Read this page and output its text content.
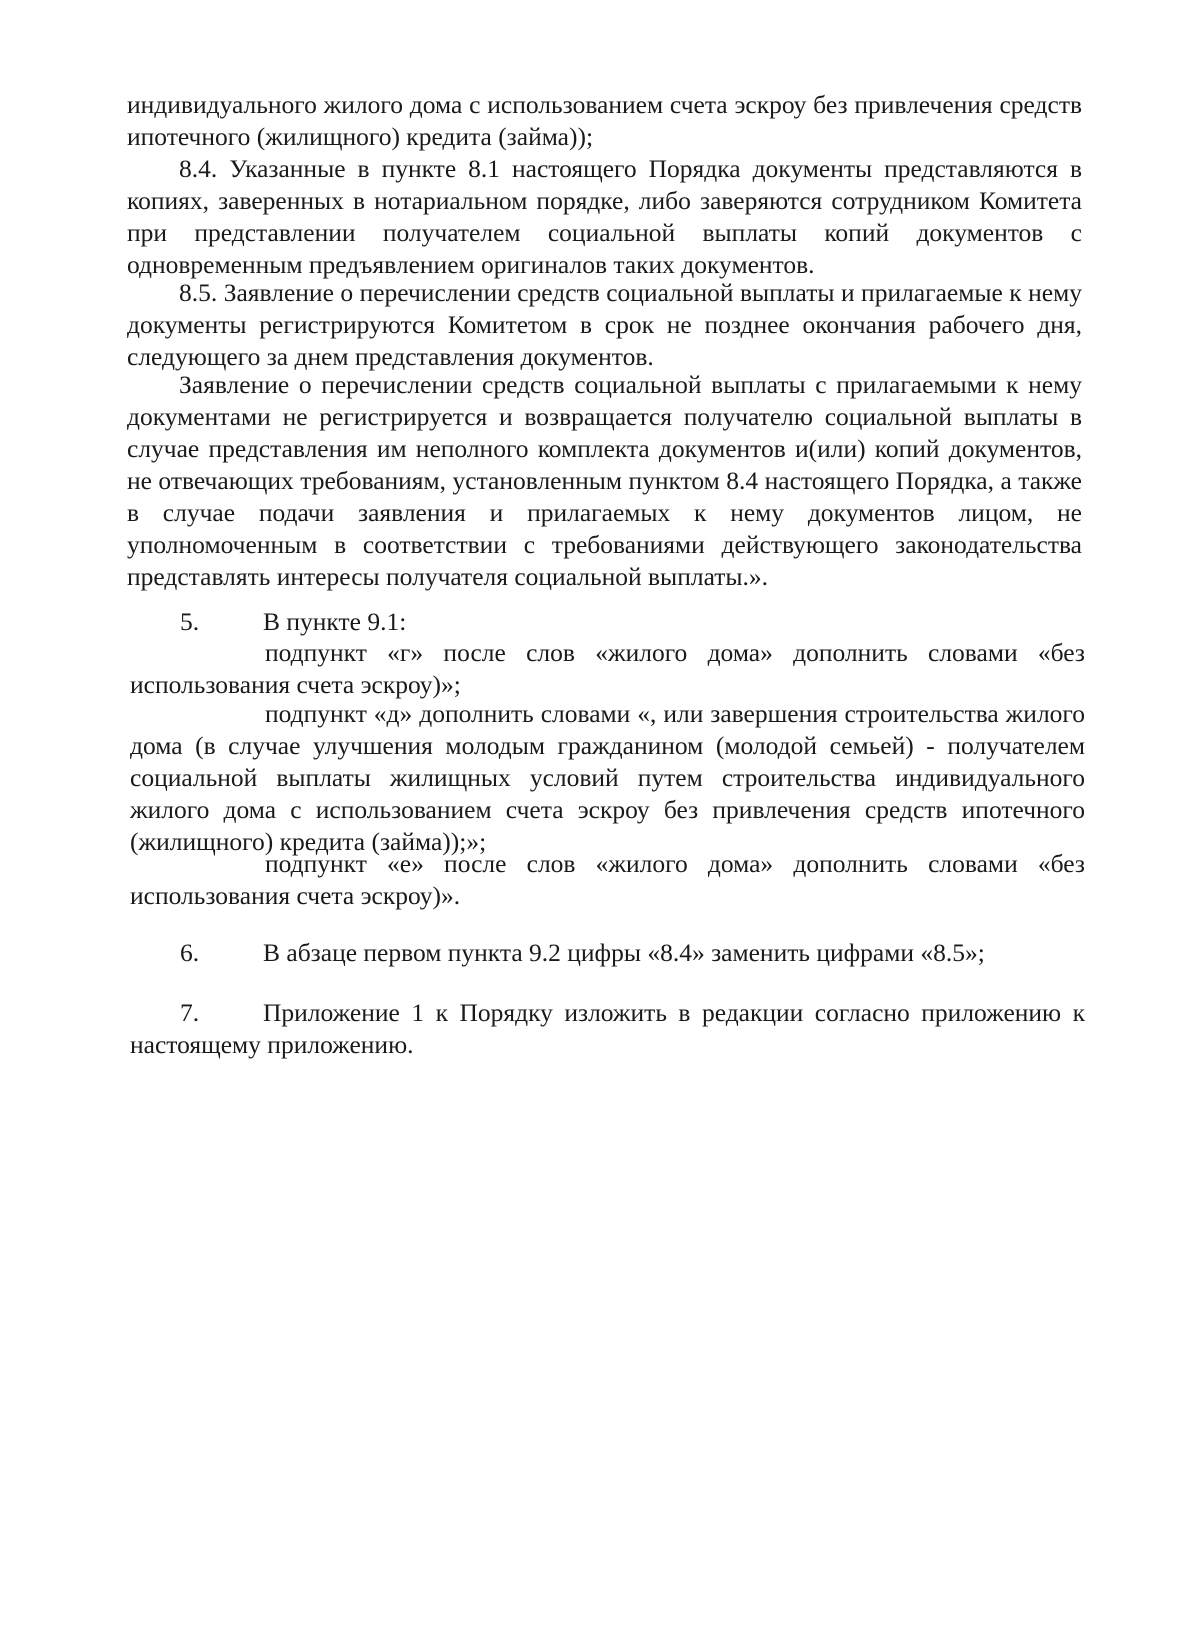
индивидуального жилого дома с использованием счета эскроу без привлечения средств ипотечного (жилищного) кредита (займа));

8.4. Указанные в пункте 8.1 настоящего Порядка документы представляются в копиях, заверенных в нотариальном порядке, либо заверяются сотрудником Комитета при представлении получателем социальной выплаты копий документов с одновременным предъявлением оригиналов таких документов.

8.5. Заявление о перечислении средств социальной выплаты и прилагаемые к нему документы регистрируются Комитетом в срок не позднее окончания рабочего дня, следующего за днем представления документов.

Заявление о перечислении средств социальной выплаты с прилагаемыми к нему документами не регистрируется и возвращается получателю социальной выплаты в случае представления им неполного комплекта документов и(или) копий документов, не отвечающих требованиям, установленным пунктом 8.4 настоящего Порядка, а также в случае подачи заявления и прилагаемых к нему документов лицом, не уполномоченным в соответствии с требованиями действующего законодательства представлять интересы получателя социальной выплаты.».

5.	В пункте 9.1:

подпункт «г» после слов «жилого дома» дополнить словами «без использования счета эскроу)»;

подпункт «д» дополнить словами «, или завершения строительства жилого дома (в случае улучшения молодым гражданином (молодой семьей) - получателем социальной выплаты жилищных условий путем строительства индивидуального жилого дома с использованием счета эскроу без привлечения средств ипотечного (жилищного) кредита (займа));»;

подпункт «е» после слов «жилого дома» дополнить словами «без использования счета эскроу)».

6.	В абзаце первом пункта 9.2 цифры «8.4» заменить цифрами «8.5»;

7.	Приложение 1 к Порядку изложить в редакции согласно приложению к настоящему приложению.
